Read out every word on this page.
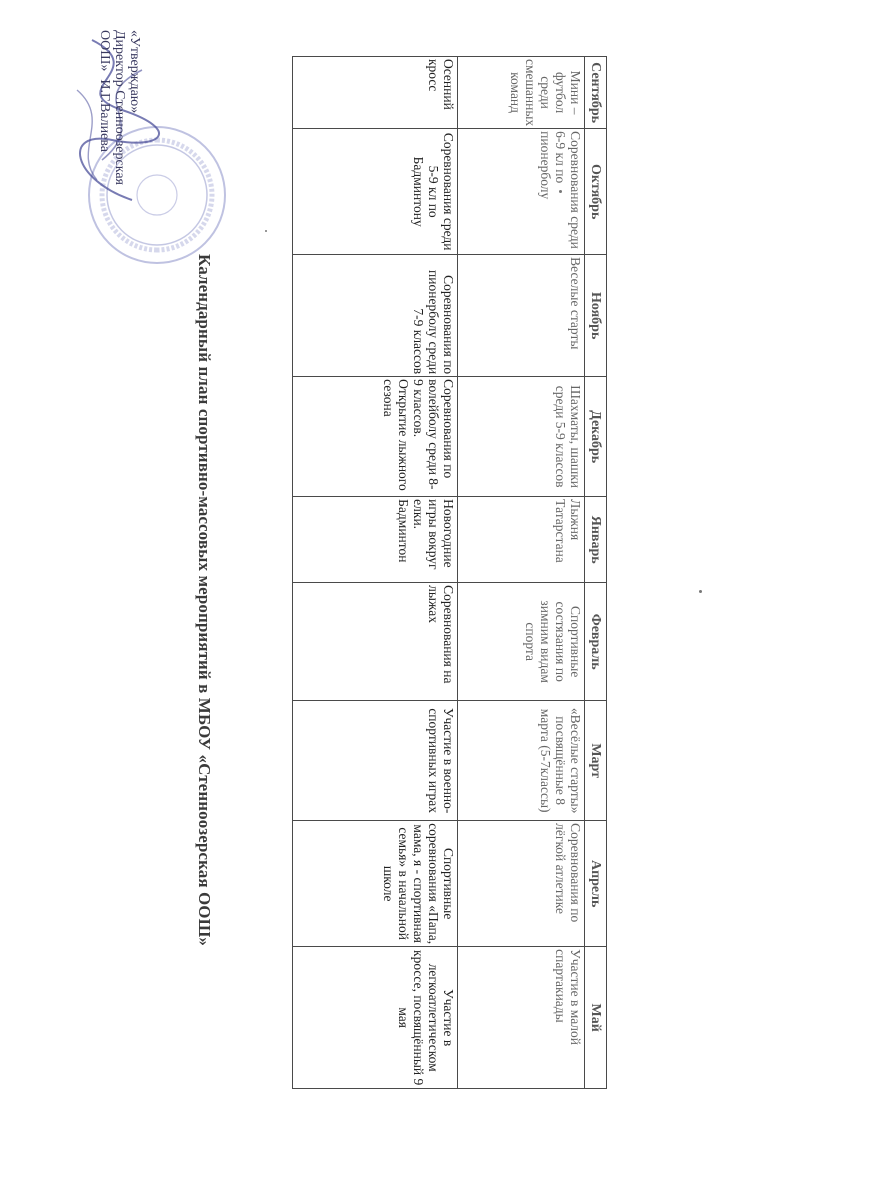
«Утверждаю»
Директор Стенноозерская
ООШ»
И.Г.Валиева
Календарный план спортивно-массовых мероприятий в МБОУ «Стенноозерская ООШ»
Сентябрь	Октябрь	Ноябрь	Декабрь	Январь	Февраль	Март	Апрель	Май
Мини – футбол среди смешанных команд	Соревнования среди 6-9 кл по пионерболу	Веселые старты	Шахматы, шашки среди 5-9 классов	Лыжня Татарстана	Спортивные состязания по зимним видам спорта	«Весёлые старты» посвящённые 8 марта (5-7классы)	Соревнования по лёгкой атлетике	Участие в малой спартакиады
Осенний кросс	Соревнования среди 5-9 кл по Бадминтону	Соревнования по пионерболу среди 7-9 классов	Соревнования по волейболу среди 8-9 классов. Открытие лыжного сезона	Новогодние игры вокруг елки. Бадминтон	Соревнования на лыжах	Участие в военно-спортивных играх	Спортивные соревнования «Папа, мама, я - спортивная семья» в начальной школе	Участие в легкоатлетическом кроссе, посвящённый 9 мая
